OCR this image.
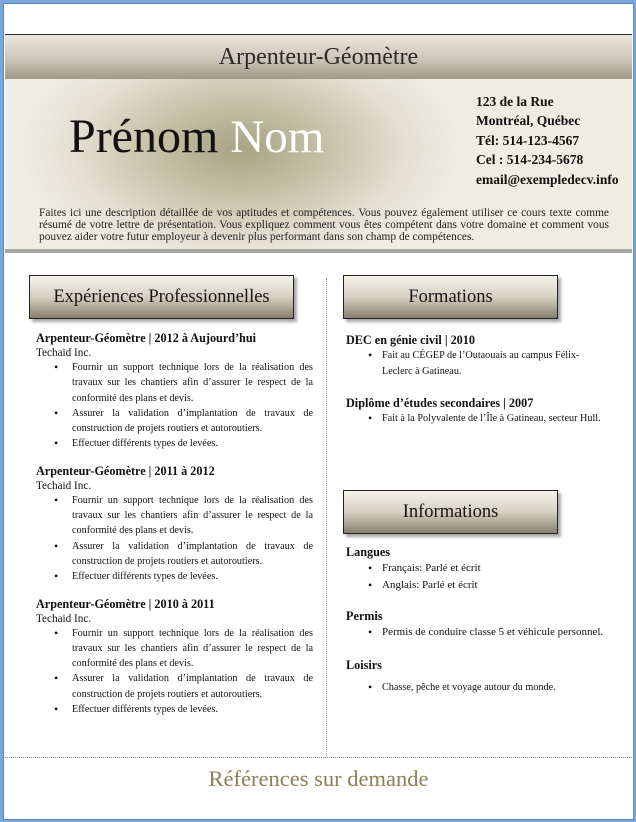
Arpenteur-Géomètre
Prénom Nom
123 de la Rue
Montréal, Québec
Tél: 514-123-4567
Cel : 514-234-5678
email@exempledecv.info
Faites ici une description détaillée de vos aptitudes et compétences. Vous pouvez également utiliser ce cours texte comme résumé de votre lettre de présentation. Vous expliquez comment vous êtes compétent dans votre domaine et comment vous pouvez aider votre futur employeur à devenir plus performant dans son champ de compétences.
Expériences Professionnelles	Formations
Informations
Arpenteur-Géomètre | 2012 à Aujourd’hui
Techaid Inc.
• Fournir un support technique lors de la réalisation des travaux sur les chantiers afin d’assurer le respect de la conformité des plans et devis.
• Assurer la validation d’implantation de travaux de construction de projets routiers et autoroutiers.
• Effectuer différents types de levées.
Arpenteur-Géomètre | 2011 à 2012
Techaid Inc.
• Fournir un support technique lors de la réalisation des travaux sur les chantiers afin d’assurer le respect de la conformité des plans et devis.
• Assurer la validation d’implantation de travaux de construction de projets routiers et autoroutiers.
• Effectuer différents types de levées.
Arpenteur-Géomètre | 2010 à 2011
Techaid Inc.
• Fournir un support technique lors de la réalisation des travaux sur les chantiers afin d’assurer le respect de la conformité des plans et devis.
• Assurer la validation d’implantation de travaux de construction de projets routiers et autoroutiers.
• Effectuer différents types de levées.
DEC en génie civil | 2010
• Fait au CÉGEP de l’Outaouais au campus Félix-Leclerc à Gatineau.
Diplôme d’études secondaires | 2007
• Fait à la Polyvalente de l’Île à Gatineau, secteur Hull.
Langues
• Français: Parlé et écrit
• Anglais: Parlé et écrit
Permis
• Permis de conduire classe 5 et véhicule personnel.
Loisirs
• Chasse, pêche et voyage autour du monde.
Références sur demande
